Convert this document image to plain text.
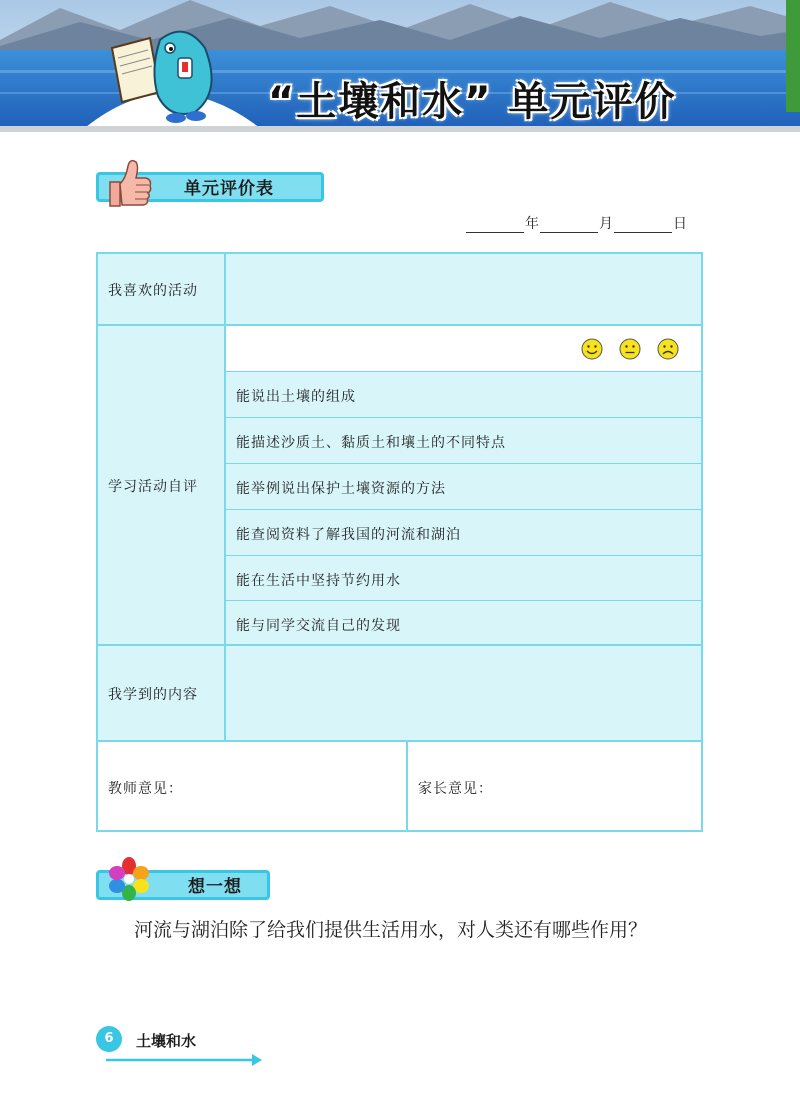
“土壤和水” 单元评价
单元评价表
年	月	日
我喜欢的活动
学习活动自评
能说出土壤的组成
能描述沙质土、黏质土和壤土的不同特点
能举例说出保护土壤资源的方法
能查阅资料了解我国的河流和湖泊
能在生活中坚持节约用水
能与同学交流自己的发现
我学到的内容
教师意见：	家长意见：
想一想
河流与湖泊除了给我们提供生活用水，对人类还有哪些作用？
6	土壤和水
